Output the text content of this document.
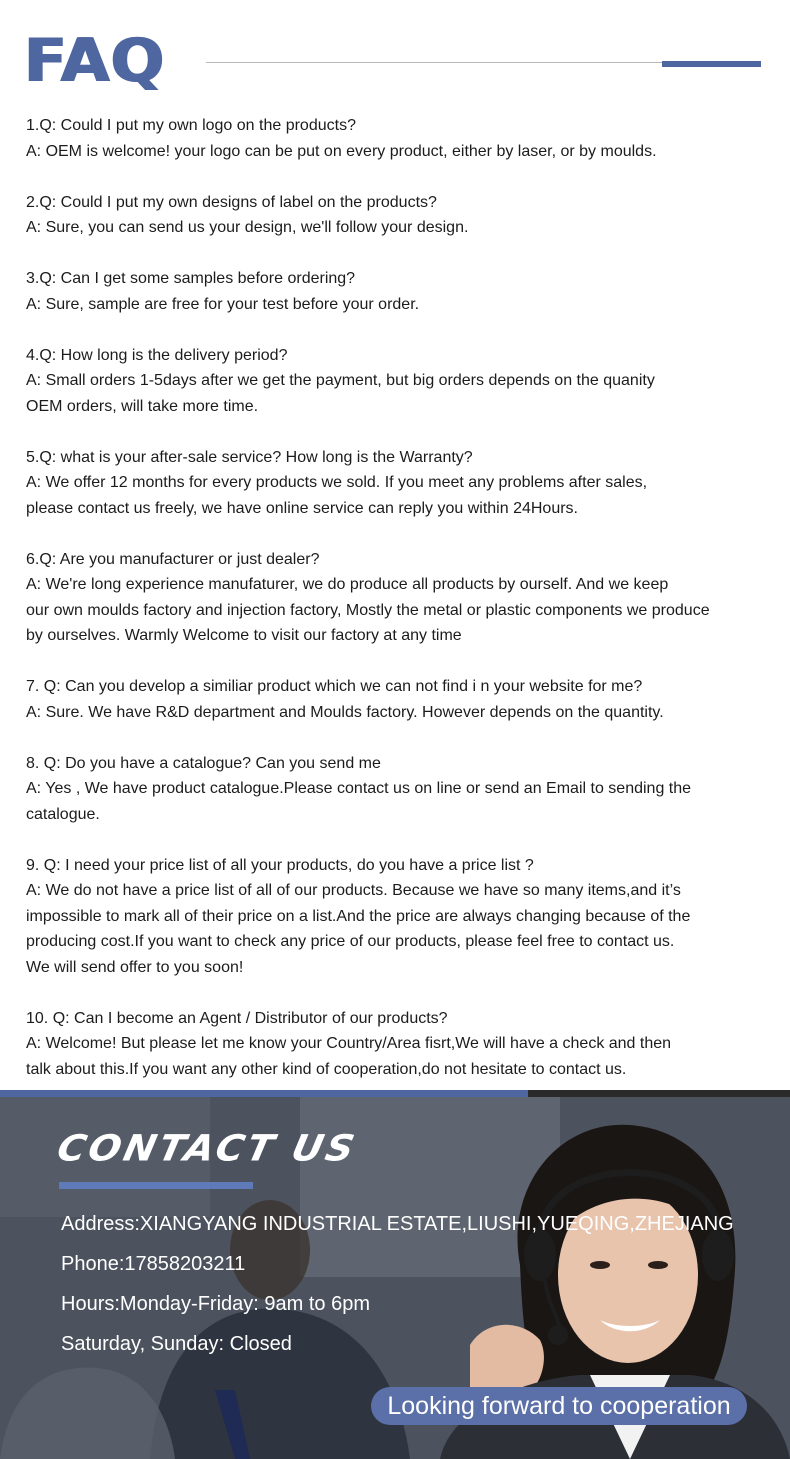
FAQ

1.Q: Could I put my own logo on the products?

A: OEM is welcome! your logo can be put on every product, either by laser, or by moulds.

2.Q: Could I put my own designs of label on the products?

A: Sure, you can send us your design, we'll follow your design.

3.Q: Can I get some samples before ordering?

A: Sure, sample are free for your test before your order.

4.Q: How long is the delivery period?

A: Small orders 1-5days after we get the payment, but big orders depends on the quanity

OEM orders, will take more time.

5.Q: what is your after-sale service? How long is the Warranty?

A: We offer 12 months for every products we sold. If you meet any problems after sales,

please contact us freely, we have online service can reply you within 24Hours.

6.Q: Are you manufacturer or just dealer?

A: We're long experience manufaturer, we do produce all products by ourself. And we keep

our own moulds factory and injection factory, Mostly the metal or plastic components we produce

by ourselves. Warmly Welcome to visit our factory at any time

7. Q: Can you develop a similiar product which we can not find i n your website for me?

A: Sure. We have R&D department and Moulds factory. However depends on the quantity.

8. Q: Do you have a catalogue? Can you send me

A: Yes , We have product catalogue.Please contact us on line or send an Email to sending the

catalogue.

9. Q: I need your price list of all your products, do you have a price list ?

A: We do not have a price list of all of our products. Because we have so many items,and it’s

impossible to mark all of their price on a list.And the price are always changing because of the

producing cost.If you want to check any price of our products, please feel free to contact us.

We will send offer to you soon!

10. Q: Can I become an Agent / Distributor of our products?

A: Welcome! But please let me know your Country/Area fisrt,We will have a check and then

talk about this.If you want any other kind of cooperation,do not hesitate to contact us.

CONTACT US
Address:XIANGYANG INDUSTRIAL ESTATE,LIUSHI,YUEQING,ZHEJIANG
Phone:17858203211
Hours:Monday-Friday: 9am to 6pm
Saturday, Sunday: Closed
Looking forward to cooperation
